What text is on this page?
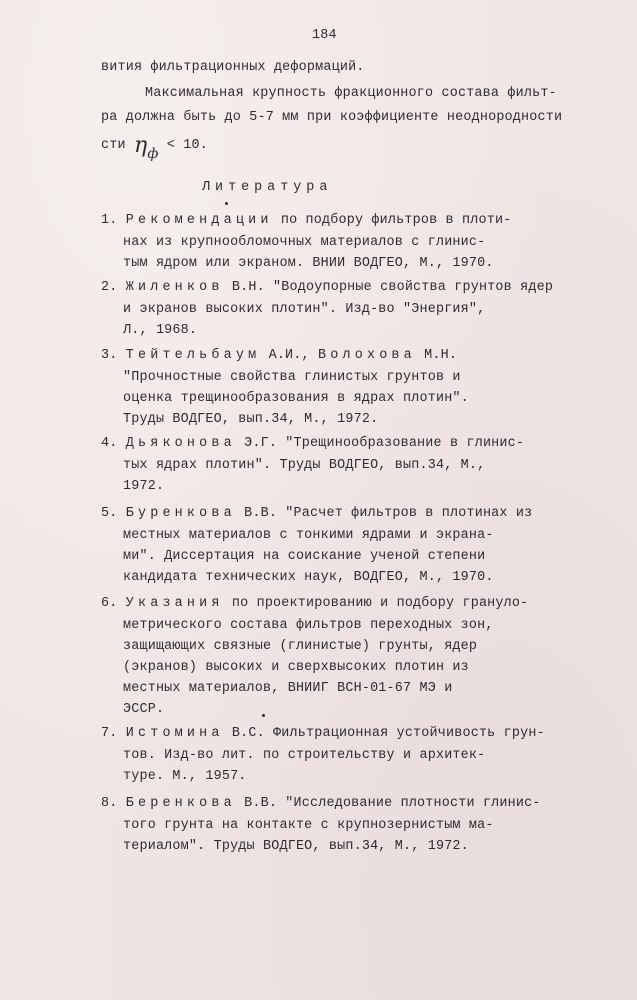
184
вития фильтрационных деформаций.
Максимальная крупность фракционного состава фильт-
ра должна быть до 5-7 мм при коэффициенте неоднородности
сти ηф < 10.
Литература
1. Рекомендации по подбору фильтров в плоти-
нах из крупнообломочных материалов с глинис-
тым ядром или экраном. ВНИИ ВОДГЕО, М., 1970.
2. Жиленков В.Н. "Водоупорные свойства грунтов ядер
и экранов высоких плотин". Изд-во "Энергия",
Л., 1968.
3. Тейтельбаум А.И., Волохова М.Н.
"Прочностные свойства глинистых грунтов и
оценка трещинообразования в ядрах плотин".
Труды ВОДГЕО, вып.34, М., 1972.
4. Дьяконова Э.Г. "Трещинообразование в глинис-
тых ядрах плотин". Труды ВОДГЕО, вып.34, М.,
1972.
5. Буренкова В.В. "Расчет фильтров в плотинах из
местных материалов с тонкими ядрами и экрана-
ми". Диссертация на соискание ученой степени
кандидата технических наук, ВОДГЕО, М., 1970.
6. Указания по проектированию и подбору грануло-
метрического состава фильтров переходных зон,
защищающих связные (глинистые) грунты, ядер
(экранов) высоких и сверхвысоких плотин из
местных материалов, ВНИИГ ВСН-01-67 МЭ и
ЭССР.
7. Истомина В.С. Фильтрационная устойчивость грун-
тов. Изд-во лит. по строительству и архитек-
туре. М., 1957.
8. Беренкова В.В. "Исследование плотности глинис-
того грунта на контакте с крупнозернистым ма-
териалом". Труды ВОДГЕО, вып.34, М., 1972.
